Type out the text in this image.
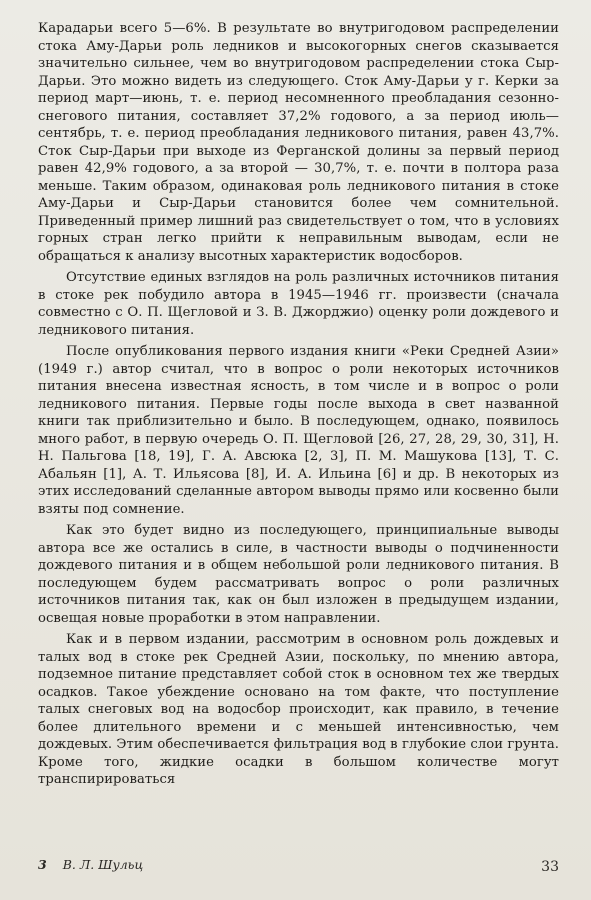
Карадарьи всего 5—6%. В результате во внутригодовом распределении стока Аму-Дарьи роль ледников и высокогорных снегов сказывается значительно сильнее, чем во внутригодовом распределении стока Сыр-Дарьи. Это можно видеть из следующего. Сток Аму-Дарьи у г. Керки за период март—июнь, т. е. период несомненного преобладания сезонно-снегового питания, составляет 37,2% годового, а за период июль—сентябрь, т. е. период преобладания ледникового питания, равен 43,7%. Сток Сыр-Дарьи при выходе из Ферганской долины за первый период равен 42,9% годового, а за второй — 30,7%, т. е. почти в полтора раза меньше. Таким образом, одинаковая роль ледникового питания в стоке Аму-Дарьи и Сыр-Дарьи становится более чем сомнительной. Приведенный пример лишний раз свидетельствует о том, что в условиях горных стран легко прийти к неправильным выводам, если не обращаться к анализу высотных характеристик водосборов.

Отсутствие единых взглядов на роль различных источников питания в стоке рек побудило автора в 1945—1946 гг. произвести (сначала совместно с О. П. Щегловой и З. В. Джорджио) оценку роли дождевого и ледникового питания.

После опубликования первого издания книги «Реки Средней Азии» (1949 г.) автор считал, что в вопрос о роли некоторых источников питания внесена известная ясность, в том числе и в вопрос о роли ледникового питания. Первые годы после выхода в свет названной книги так приблизительно и было. В последующем, однако, появилось много работ, в первую очередь О. П. Щегловой [26, 27, 28, 29, 30, 31], Н. Н. Пальгова [18, 19], Г. А. Авсюка [2, 3], П. М. Машукова [13], Т. С. Абальян [1], А. Т. Ильясова [8], И. А. Ильина [6] и др. В некоторых из этих исследований сделанные автором выводы прямо или косвенно были взяты под сомнение.

Как это будет видно из последующего, принципиальные выводы автора все же остались в силе, в частности выводы о подчиненности дождевого питания и в общем небольшой роли ледникового питания. В последующем будем рассматривать вопрос о роли различных источников питания так, как он был изложен в предыдущем издании, освещая новые проработки в этом направлении.

Как и в первом издании, рассмотрим в основном роль дождевых и талых вод в стоке рек Средней Азии, поскольку, по мнению автора, подземное питание представляет собой сток в основном тех же твердых осадков. Такое убеждение основано на том факте, что поступление талых снеговых вод на водосбор происходит, как правило, в течение более длительного времени и с меньшей интенсивностью, чем дождевых. Этим обеспечивается фильтрация вод в глубокие слои грунта. Кроме того, жидкие осадки в большом количестве могут транспирироваться

3 В. Л. Шульц	33
